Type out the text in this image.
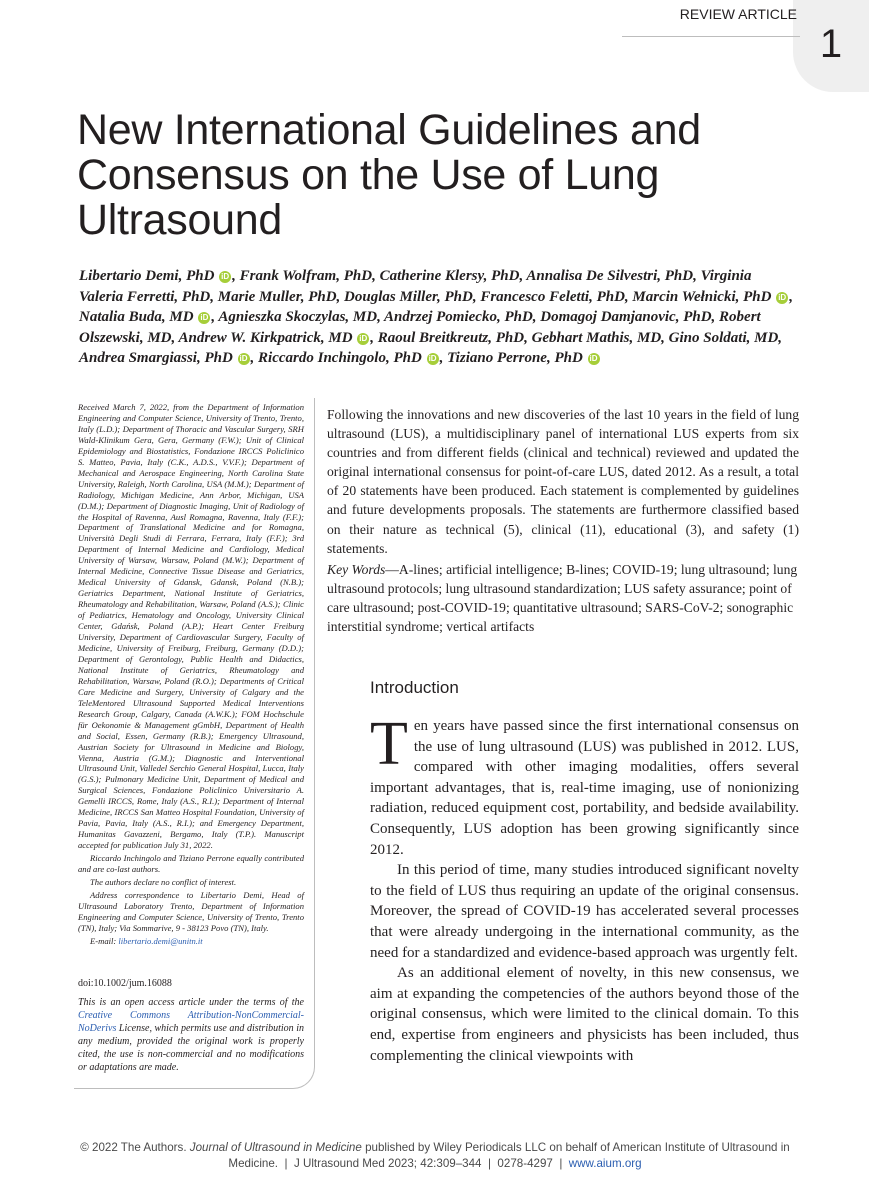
1
REVIEW ARTICLE
New International Guidelines and Consensus on the Use of Lung Ultrasound
Libertario Demi, PhD iD , Frank Wolfram, PhD, Catherine Klersy, PhD, Annalisa De Silvestri, PhD, Virginia Valeria Ferretti, PhD, Marie Muller, PhD, Douglas Miller, PhD, Francesco Feletti, PhD, Marcin Wełnicki, PhD iD , Natalia Buda, MD iD , Agnieszka Skoczylas, MD, Andrzej Pomiecko, PhD, Domagoj Damjanovic, PhD, Robert Olszewski, MD, Andrew W. Kirkpatrick, MD iD , Raoul Breitkreutz, PhD, Gebhart Mathis, MD, Gino Soldati, MD, Andrea Smargiassi, PhD iD , Riccardo Inchingolo, PhD iD , Tiziano Perrone, PhD iD

Received March 7, 2022, from the Department of Information Engineering and Computer Science, University of Trento, Trento, Italy (L.D.); Department of Thoracic and Vascular Surgery, SRH Wald-Klinikum Gera, Gera, Germany (F.W.); Unit of Clinical Epidemiology and Biostatistics, Fondazione IRCCS Policlinico S. Matteo, Pavia, Italy (C.K., A.D.S., V.V.F.); Department of Mechanical and Aerospace Engineering, North Carolina State University, Raleigh, North Carolina, USA (M.M.); Department of Radiology, Michigan Medicine, Ann Arbor, Michigan, USA (D.M.); Department of Diagnostic Imaging, Unit of Radiology of the Hospital of Ravenna, Ausl Romagna, Ravenna, Italy (F.F.); Department of Translational Medicine and for Romagna, Università Degli Studi di Ferrara, Ferrara, Italy (F.F.); 3rd Department of Internal Medicine and Cardiology, Medical University of Warsaw, Warsaw, Poland (M.W.); Department of Internal Medicine, Connective Tissue Disease and Geriatrics, Medical University of Gdansk, Gdansk, Poland (N.B.); Geriatrics Department, National Institute of Geriatrics, Rheumatology and Rehabilitation, Warsaw, Poland (A.S.); Clinic of Pediatrics, Hematology and Oncology, University Clinical Center, Gdańsk, Poland (A.P.); Heart Center Freiburg University, Department of Cardiovascular Surgery, Faculty of Medicine, University of Freiburg, Freiburg, Germany (D.D.); Department of Gerontology, Public Health and Didactics, National Institute of Geriatrics, Rheumatology and Rehabilitation, Warsaw, Poland (R.O.); Departments of Critical Care Medicine and Surgery, University of Calgary and the TeleMentored Ultrasound Supported Medical Interventions Research Group, Calgary, Canada (A.W.K.); FOM Hochschule für Oekonomie & Management gGmbH, Department of Health and Social, Essen, Germany (R.B.); Emergency Ultrasound, Austrian Society for Ultrasound in Medicine and Biology, Vienna, Austria (G.M.); Diagnostic and Interventional Ultrasound Unit, Valledel Serchio General Hospital, Lucca, Italy (G.S.); Pulmonary Medicine Unit, Department of Medical and Surgical Sciences, Fondazione Policlinico Universitario A. Gemelli IRCCS, Rome, Italy (A.S., R.I.); Department of Internal Medicine, IRCCS San Matteo Hospital Foundation, University of Pavia, Pavia, Italy (A.S., R.I.); and Emergency Department, Humanitas Gavazzeni, Bergamo, Italy (T.P.). Manuscript accepted for publication July 31, 2022.

Riccardo Inchingolo and Tiziano Perrone equally contributed and are co-last authors.

The authors declare no conflict of interest.

Address correspondence to Libertario Demi, Head of Ultrasound Laboratory Trento, Department of Information Engineering and Computer Science, University of Trento, Trento (TN), Italy; Via Sommarive, 9 - 38123 Povo (TN), Italy.

E-mail: libertario.demi@unitn.it

doi:10.1002/jum.16088
This is an open access article under the terms of the Creative Commons Attribution-NonCommercial-NoDerivs License, which permits use and distribution in any medium, provided the original work is properly cited, the use is non-commercial and no modifications or adaptations are made.

Following the innovations and new discoveries of the last 10 years in the field of lung ultrasound (LUS), a multidisciplinary panel of international LUS experts from six countries and from different fields (clinical and technical) reviewed and updated the original international consensus for point-of-care LUS, dated 2012. As a result, a total of 20 statements have been produced. Each statement is complemented by guidelines and future developments proposals. The statements are furthermore classified based on their nature as technical (5), clinical (11), educational (3), and safety (1) statements.

Key Words—A-lines; artificial intelligence; B-lines; COVID-19; lung ultrasound; lung ultrasound protocols; lung ultrasound standardization; LUS safety assurance; point of care ultrasound; post-COVID-19; quantitative ultrasound; SARS-CoV-2; sonographic interstitial syndrome; vertical artifacts

Introduction

Ten years have passed since the first international consensus on the use of lung ultrasound (LUS) was published in 2012. LUS, compared with other imaging modalities, offers several important advantages, that is, real-time imaging, use of nonionizing radiation, reduced equipment cost, portability, and bedside availability. Consequently, LUS adoption has been growing significantly since 2012.

In this period of time, many studies introduced significant novelty to the field of LUS thus requiring an update of the original consensus. Moreover, the spread of COVID-19 has accelerated several processes that were already undergoing in the international community, as the need for a standardized and evidence-based approach was urgently felt.

As an additional element of novelty, in this new consensus, we aim at expanding the competencies of the authors beyond those of the original consensus, which were limited to the clinical domain. To this end, expertise from engineers and physicists has been included, thus complementing the clinical viewpoints with

© 2022 The Authors. Journal of Ultrasound in Medicine published by Wiley Periodicals LLC on behalf of American Institute of Ultrasound in Medicine.  |  J Ultrasound Med 2023; 42:309–344  |  0278-4297  |  www.aium.org
